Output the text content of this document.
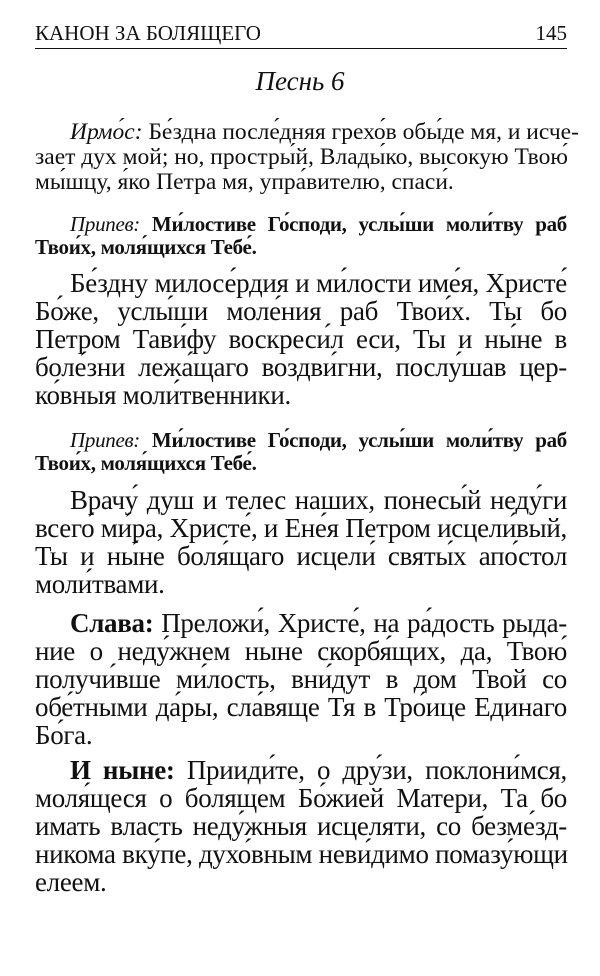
КАНОН ЗА БОЛЯЩЕГО	145
Песнь 6
Ирмо́с: Бе́здна после́дняя грехо́в обы́де мя, и исче-
зает дух мой; но, простры́й, Влады́ко, высокую Твою́
мы́шцу, я́ко Петра мя, упра́вителю, спаси́.
Припев: Ми́лостиве Го́споди, услы́ши моли́тву раб
Твои́х, моля́щихся Тебе́.
Бе́здну милосе́рдия и ми́лости име́я, Христе́
Бо́же, услы́ши моле́ния раб Твои́х. Ты бо
Петром Тави́фу воскреси́л еси, Ты и ны́не в
боле́зни лежа́щаго воздви́гни, послу́шав цер-
ко́вныя моли́твенники.
Припев: Ми́лостиве Го́споди, услы́ши моли́тву раб
Твои́х, моля́щихся Тебе́.
Врачу́ душ и телес наших, понесы́й неду́ги
всего́ ми́ра, Христе́, и Ене́я Петром исцели́вый,
Ты и ны́не боля́щаго исцели́ святы́х апо́стол
моли́твами.
Слава: Преложи́, Христе́, на ра́дость рыда-
ние о неду́жнем ныне скорбя́щих, да, Твою́
получи́вше ми́лость, вни́дут в дом Твой со
обе́тными да́ры, сла́вяще Тя в Тро́ице Единаго
Бо́га.
И ныне: Прииди́те, о дру́зи, поклони́мся,
моля́щеся о болящем Бо́жией Матери, Та бо
имать власть неду́жныя исцеляти, со безме́зд-
никома вку́пе, духо́вным неви́димо помазу́ющи
елеем.
